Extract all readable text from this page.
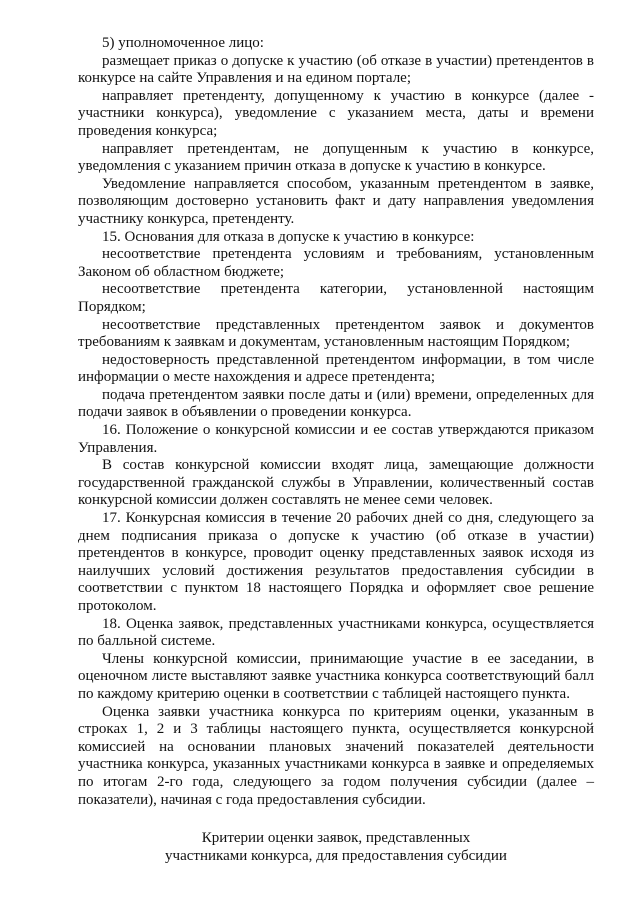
5) уполномоченное лицо:

размещает приказ о допуске к участию (об отказе в участии) претендентов в конкурсе на сайте Управления и на едином портале;

направляет претенденту, допущенному к участию в конкурсе (далее - участники конкурса), уведомление с указанием места, даты и времени проведения конкурса;

направляет претендентам, не допущенным к участию в конкурсе, уведомления с указанием причин отказа в допуске к участию в конкурсе.

Уведомление направляется способом, указанным претендентом в заявке, позволяющим достоверно установить факт и дату направления уведомления участнику конкурса, претенденту.

15. Основания для отказа в допуске к участию в конкурсе:

несоответствие претендента условиям и требованиям, установленным Законом об областном бюджете;

несоответствие претендента категории, установленной настоящим Порядком;

несоответствие представленных претендентом заявок и документов требованиям к заявкам и документам, установленным настоящим Порядком;

недостоверность представленной претендентом информации, в том числе информации о месте нахождения и адресе претендента;

подача претендентом заявки после даты и (или) времени, определенных для подачи заявок в объявлении о проведении конкурса.

16. Положение о конкурсной комиссии и ее состав утверждаются приказом Управления.

В состав конкурсной комиссии входят лица, замещающие должности государственной гражданской службы в Управлении, количественный состав конкурсной комиссии должен составлять не менее семи человек.

17. Конкурсная комиссия в течение 20 рабочих дней со дня, следующего за днем подписания приказа о допуске к участию (об отказе в участии) претендентов в конкурсе, проводит оценку представленных заявок исходя из наилучших условий достижения результатов предоставления субсидии в соответствии с пунктом 18 настоящего Порядка и оформляет свое решение протоколом.

18. Оценка заявок, представленных участниками конкурса, осуществляется по балльной системе.

Члены конкурсной комиссии, принимающие участие в ее заседании, в оценочном листе выставляют заявке участника конкурса соответствующий балл по каждому критерию оценки в соответствии с таблицей настоящего пункта.

Оценка заявки участника конкурса по критериям оценки, указанным в строках 1, 2 и 3 таблицы настоящего пункта, осуществляется конкурсной комиссией на основании плановых значений показателей деятельности участника конкурса, указанных участниками конкурса в заявке и определяемых по итогам 2-го года, следующего за годом получения субсидии (далее – показатели), начиная с года предоставления субсидии.

Критерии оценки заявок, представленных
участниками конкурса, для предоставления субсидии
